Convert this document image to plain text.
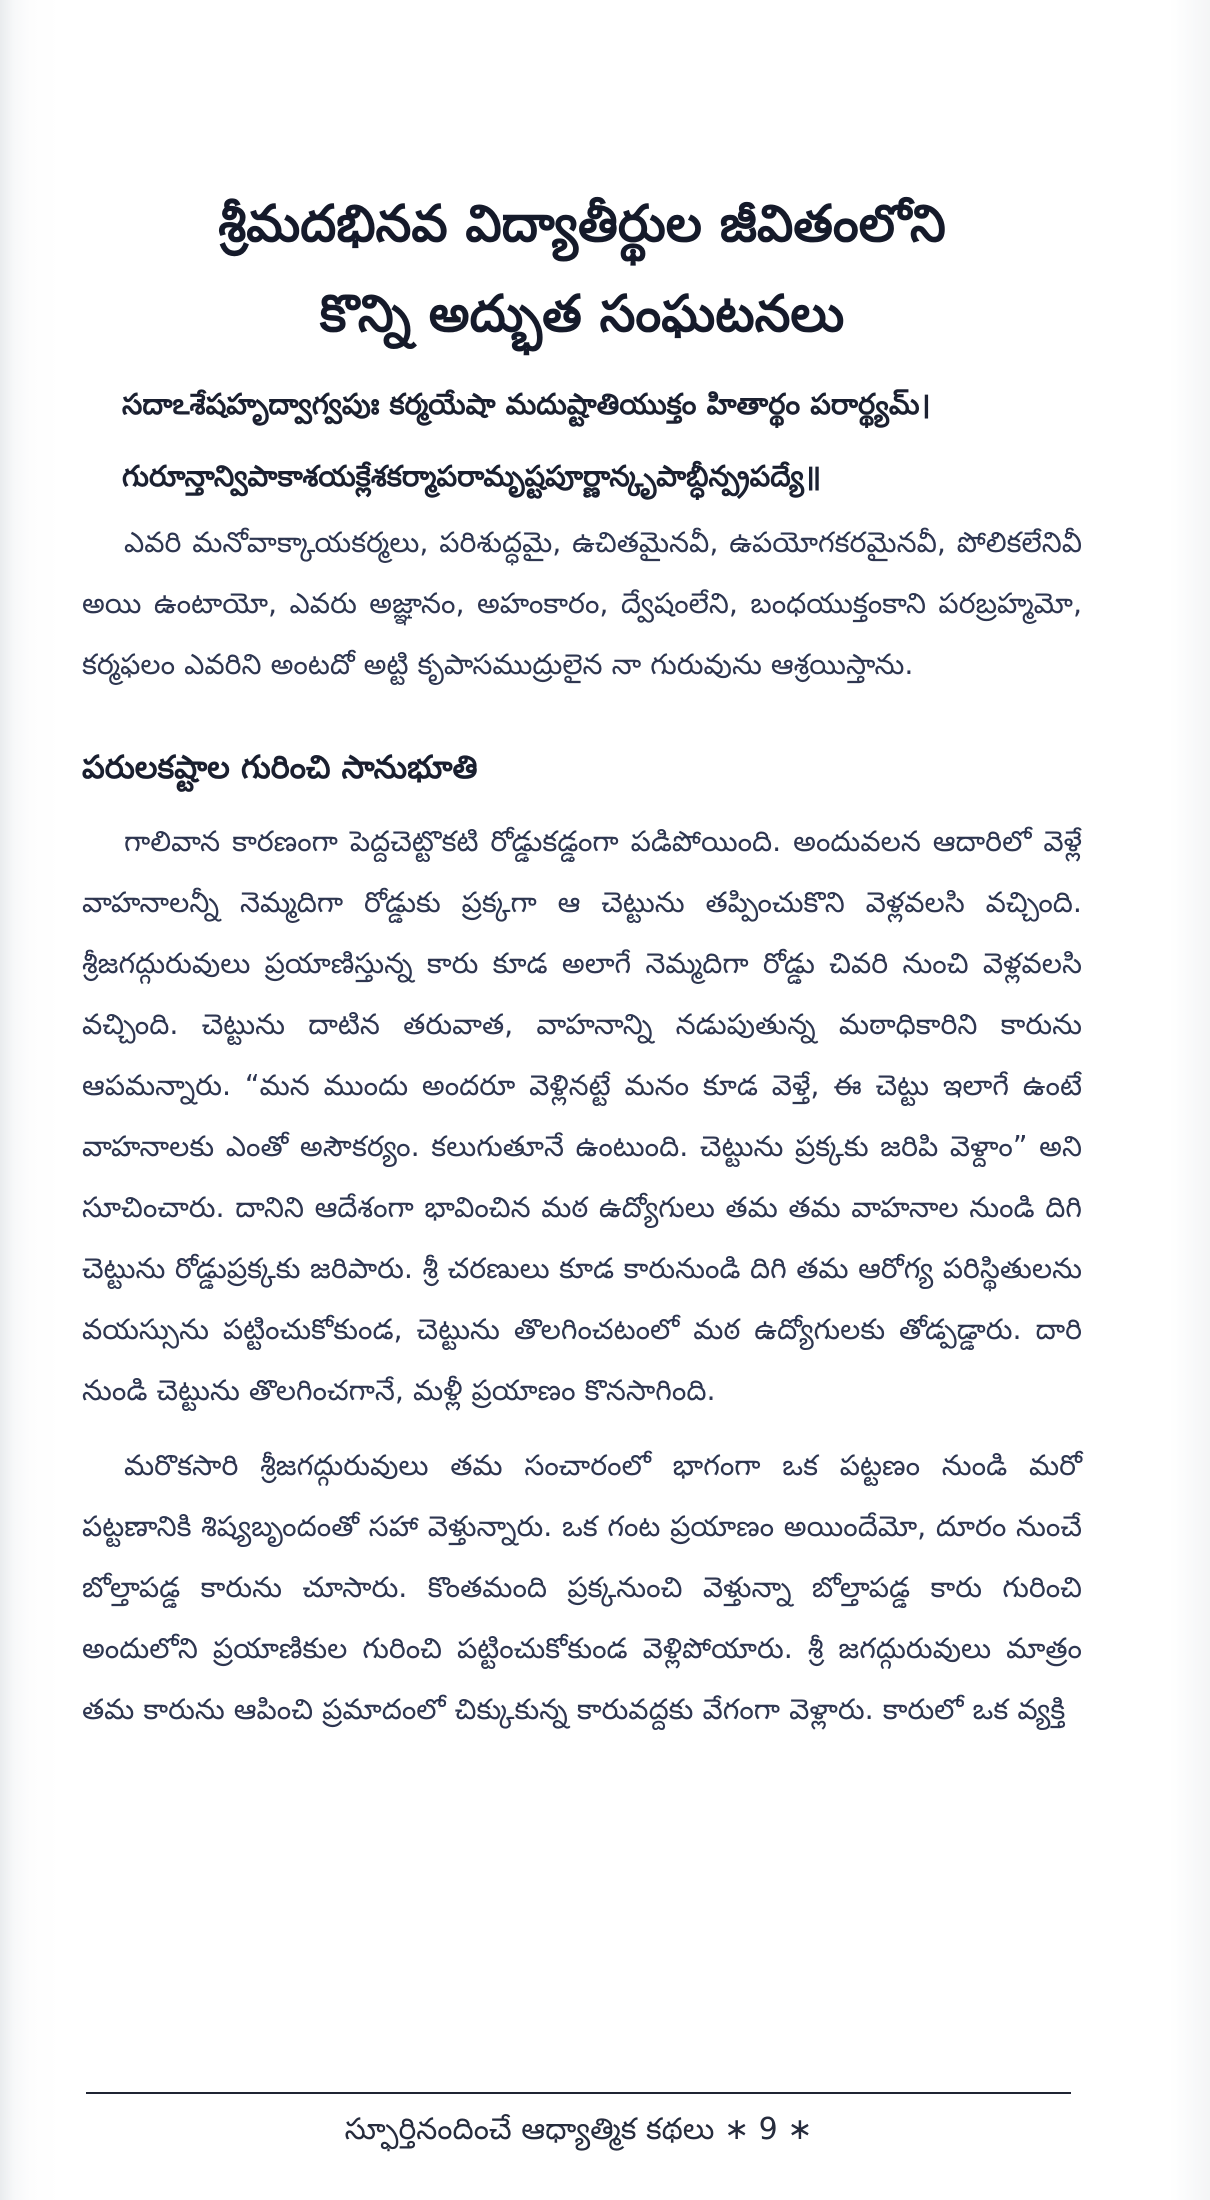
శ్రీమదభినవ విద్యాతీర్థుల జీవితంలోని
కొన్ని అద్భుత సంఘటనలు
సదాఽశేషహృద్వాగ్వపుః కర్మయేషా మదుష్టాతియుక్తం హితార్థం పరార్థ్యమ్।
గురూన్తాన్విపాకాశయక్లేశకర్మాపరామృష్టపూర్ణాన్కృపాబ్ధీన్ప్రపద్యే॥

ఎవరి మనోవాక్కాయకర్మలు, పరిశుద్ధమై, ఉచితమైనవీ, ఉపయోగకరమైనవీ, పోలికలేనివీ అయి ఉంటాయో, ఎవరు అజ్ఞానం, అహంకారం, ద్వేషంలేని, బంధయుక్తంకాని పరబ్రహ్మమో, కర్మఫలం ఎవరిని అంటదో అట్టి కృపాసముద్రులైన నా గురువును ఆశ్రయిస్తాను.

పరులకష్టాల గురించి సానుభూతి

గాలివాన కారణంగా పెద్దచెట్టొకటి రోడ్డుకడ్డంగా పడిపోయింది. అందువలన ఆదారిలో వెళ్లే వాహనాలన్నీ నెమ్మదిగా రోడ్డుకు ప్రక్కగా ఆ చెట్టును తప్పించుకొని వెళ్లవలసి వచ్చింది. శ్రీజగద్గురువులు ప్రయాణిస్తున్న కారు కూడ అలాగే నెమ్మదిగా రోడ్డు చివరి నుంచి వెళ్లవలసి వచ్చింది. చెట్టును దాటిన తరువాత, వాహనాన్ని నడుపుతున్న మఠాధికారిని కారును ఆపమన్నారు. “మన ముందు అందరూ వెళ్లినట్టే మనం కూడ వెళ్తే, ఈ చెట్టు ఇలాగే ఉంటే వాహనాలకు ఎంతో అసౌకర్యం. కలుగుతూనే ఉంటుంది. చెట్టును ప్రక్కకు జరిపి వెళ్దాం” అని సూచించారు. దానిని ఆదేశంగా భావించిన మఠ ఉద్యోగులు తమ తమ వాహనాల నుండి దిగి చెట్టును రోడ్డుప్రక్కకు జరిపారు. శ్రీ చరణులు కూడ కారునుండి దిగి తమ ఆరోగ్య పరిస్థితులను వయస్సును పట్టించుకోకుండ, చెట్టును తొలగించటంలో మఠ ఉద్యోగులకు తోడ్పడ్డారు. దారి నుండి చెట్టును తొలగించగానే, మళ్లీ ప్రయాణం కొనసాగింది.

మరొకసారి శ్రీజగద్గురువులు తమ సంచారంలో భాగంగా ఒక పట్టణం నుండి మరో పట్టణానికి శిష్యబృందంతో సహా వెళ్తున్నారు. ఒక గంట ప్రయాణం అయిందేమో, దూరం నుంచే బోల్తాపడ్డ కారును చూసారు. కొంతమంది ప్రక్కనుంచి వెళ్తున్నా బోల్తాపడ్డ కారు గురించి అందులోని ప్రయాణికుల గురించి పట్టించుకోకుండ వెళ్లిపోయారు. శ్రీ జగద్గురువులు మాత్రం తమ కారును ఆపించి ప్రమాదంలో చిక్కుకున్న కారువద్దకు వేగంగా వెళ్లారు. కారులో ఒక వ్యక్తి

స్ఫూర్తినందించే ఆధ్యాత్మిక కథలు ∗ 9 ∗
